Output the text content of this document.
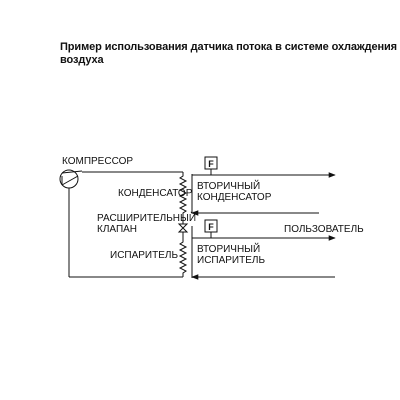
Пример использования датчика потока в системе охлаждения
воздуха
F
F
КОМПРЕССОР
КОНДЕНСАТОР
РАСШИРИТЕЛЬНЫЙ
КЛАПАН
ИСПАРИТЕЛЬ
ВТОРИЧНЫЙ
КОНДЕНСАТОР
ПОЛЬЗОВАТЕЛЬ
ВТОРИЧНЫЙ
ИСПАРИТЕЛЬ
